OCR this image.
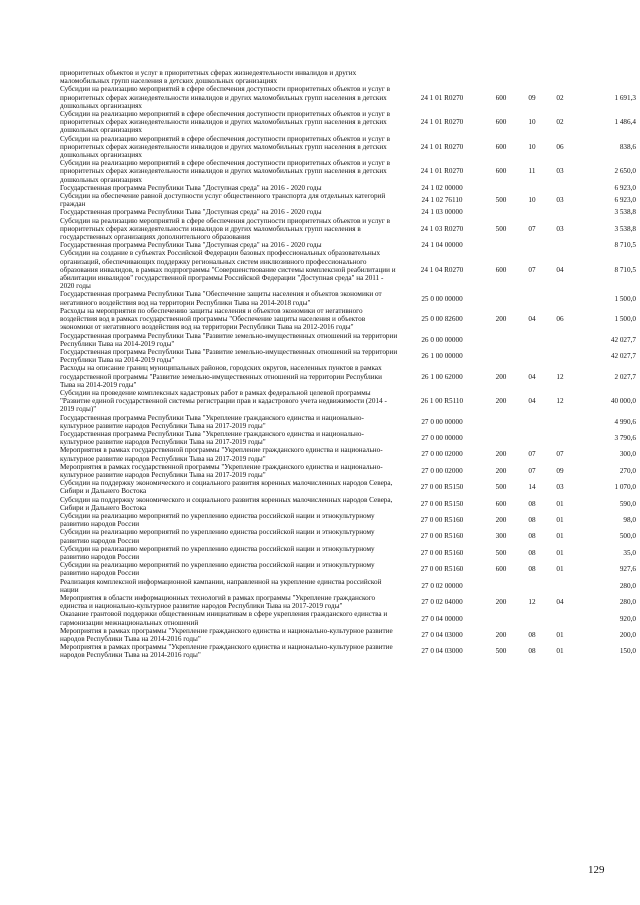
приоритетных объектов и услуг в приоритетных сферах жизнедеятельности инвалидов и других маломобильных групп населения в детских дошкольных организациях					
Субсидии на реализацию мероприятий в сфере обеспечения доступности приоритетных объектов и услуг в приоритетных сферах жизнедеятельности инвалидов и других маломобильных групп населения в детских дошкольных организациях	24 1 01 R0270	600	09	02	1 691,3
Субсидии на реализацию мероприятий в сфере обеспечения доступности приоритетных объектов и услуг в приоритетных сферах жизнедеятельности инвалидов и других маломобильных групп населения в детских дошкольных организациях	24 1 01 R0270	600	10	02	1 486,4
Субсидии на реализацию мероприятий в сфере обеспечения доступности приоритетных объектов и услуг в приоритетных сферах жизнедеятельности инвалидов и других маломобильных групп населения в детских дошкольных организациях	24 1 01 R0270	600	10	06	838,6
Субсидии на реализацию мероприятий в сфере обеспечения доступности приоритетных объектов и услуг в приоритетных сферах жизнедеятельности инвалидов и других маломобильных групп населения в детских дошкольных организациях	24 1 01 R0270	600	11	03	2 650,0
Государственная программа Республики Тыва "Доступная среда" на 2016 - 2020 годы	24 1 02 00000				6 923,0
Субсидии на обеспечение равной доступности услуг общественного транспорта для отдельных категорий граждан	24 1 02 76110	500	10	03	6 923,0
Государственная программа Республики Тыва "Доступная среда" на 2016 - 2020 годы	24 1 03 00000				3 538,8
Субсидии на реализацию мероприятий в сфере обеспечения доступности приоритетных объектов и услуг в приоритетных сферах жизнедеятельности инвалидов и других маломобильных групп населения в государственных организациях дополнительного образования	24 1 03 R0270	500	07	03	3 538,8
Государственная программа Республики Тыва "Доступная среда" на 2016 - 2020 годы	24 1 04 00000				8 710,5
Субсидии на создание в субъектах Российской Федерации базовых профессиональных образовательных организаций, обеспечивающих поддержку региональных систем инклюзивного профессионального образования инвалидов, в рамках подпрограммы "Совершенствование системы комплексной реабилитации и абилитации инвалидов" государственной программы Российской Федерации "Доступная среда" на 2011 - 2020 годы	24 1 04 R0270	600	07	04	8 710,5
Государственная программа Республики Тыва "Обеспечение защиты населения и объектов экономики от негативного воздействия вод на территории Республики Тыва на 2014-2018 годы"	25 0 00 00000				1 500,0
Расходы на мероприятия по обеспечению защиты населения и объектов экономики от негативного воздействия вод в рамках государственной программы "Обеспечение защиты населения и объектов экономики от негативного воздействия вод на территории Республики Тыва на 2012-2016 годы"	25 0 00 82600	200	04	06	1 500,0
Государственная программа Республики Тыва "Развитие земельно-имущественных отношений на территории Республики Тыва на 2014-2019 годы"	26 0 00 00000				42 027,7
Государственная программа Республики Тыва "Развитие земельно-имущественных отношений на территории Республики Тыва на 2014-2019 годы"	26 1 00 00000				42 027,7
Расходы на описание границ муниципальных районов, городских округов, населенных пунктов в рамках государственной программы "Развитие земельно-имущественных отношений на территории Республики Тыва на 2014-2019 годы"	26 1 00 62000	200	04	12	2 027,7
Субсидии на проведение комплексных кадастровых работ в рамках федеральной целевой программы "Развитие единой государственной системы регистрации прав и кадастрового учета недвижимости (2014 - 2019 годы)"	26 1 00 R5110	200	04	12	40 000,0
Государственная программа Республики Тыва "Укрепление гражданского единства и национально-культурное развитие народов Республики Тыва на 2017-2019 годы"	27 0 00 00000				4 990,6
Государственная программа Республики Тыва "Укрепление гражданского единства и национально-культурное развитие народов Республики Тыва на 2017-2019 годы"	27 0 00 00000				3 790,6
Мероприятия в рамках государственной программы "Укрепление гражданского единства и национально-культурное развитие народов Республики Тыва на 2017-2019 годы"	27 0 00 02000	200	07	07	300,0
Мероприятия в рамках государственной программы "Укрепление гражданского единства и национально-культурное развитие народов Республики Тыва на 2017-2019 годы"	27 0 00 02000	200	07	09	270,0
Субсидии на поддержку экономического и социального развития коренных малочисленных народов Севера, Сибири и Дальнего Востока	27 0 00 R5150	500	14	03	1 070,0
Субсидии на поддержку экономического и социального развития коренных малочисленных народов Севера, Сибири и Дальнего Востока	27 0 00 R5150	600	08	01	590,0
Субсидии на реализацию мероприятий по укреплению единства российской нации и этнокультурному развитию народов России	27 0 00 R5160	200	08	01	98,0
Субсидии на реализацию мероприятий по укреплению единства российской нации и этнокультурному развитию народов России	27 0 00 R5160	300	08	01	500,0
Субсидии на реализацию мероприятий по укреплению единства российской нации и этнокультурному развитию народов России	27 0 00 R5160	500	08	01	35,0
Субсидии на реализацию мероприятий по укреплению единства российской нации и этнокультурному развитию народов России	27 0 00 R5160	600	08	01	927,6
Реализация комплексной информационной кампании, направленной на укрепление единства российской нации	27 0 02 00000				280,0
Мероприятия в области информационных технологий в рамках программы "Укрепление гражданского единства и национально-культурное развитие народов Республики Тыва на 2017-2019 годы"	27 0 02 04000	200	12	04	280,0
Оказание грантовой поддержки общественным инициативам в сфере укрепления гражданского единства и гармонизации межнациональных отношений	27 0 04 00000				920,0
Мероприятия в рамках программы "Укрепление гражданского единства и национально-культурное развитие народов Республики Тыва на 2014-2016 годы"	27 0 04 03000	200	08	01	200,0
Мероприятия в рамках программы "Укрепление гражданского единства и национально-культурное развитие народов Республики Тыва на 2014-2016 годы"	27 0 04 03000	500	08	01	150,0
129
